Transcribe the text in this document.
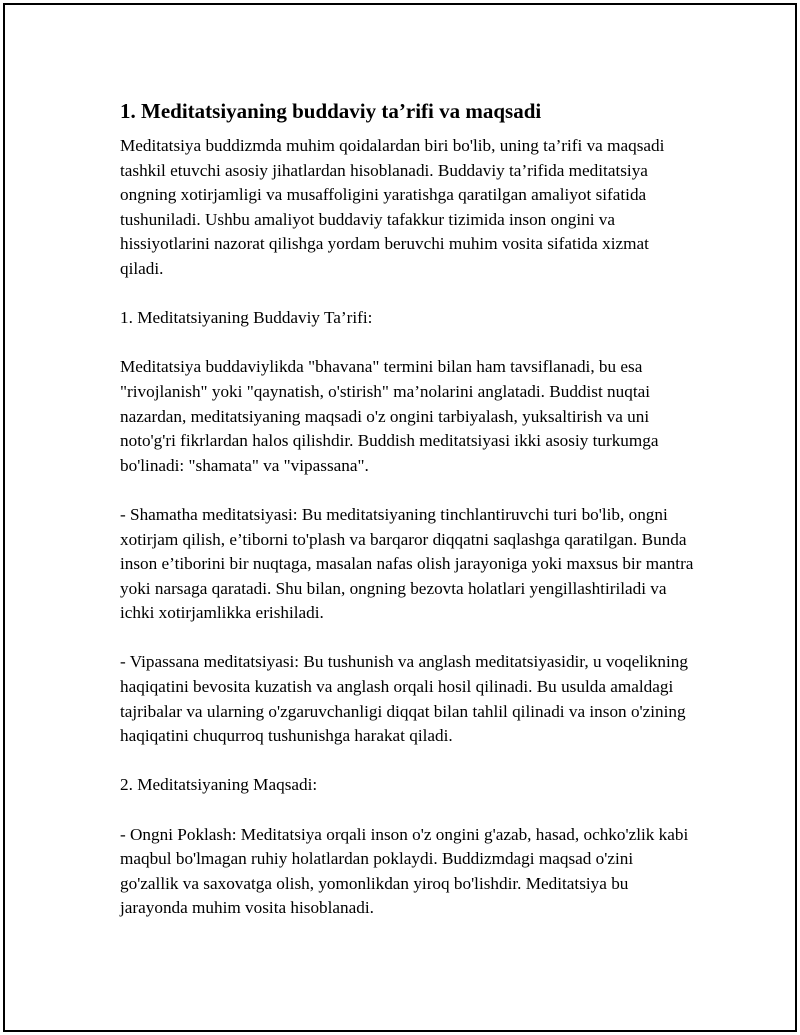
1. Meditatsiyaning buddaviy ta’rifi va maqsadi

Meditatsiya buddizmda muhim qoidalardan biri bo'lib, uning ta’rifi va maqsadi tashkil etuvchi asosiy jihatlardan hisoblanadi. Buddaviy ta’rifida meditatsiya ongning xotirjamligi va musaffoligini yaratishga qaratilgan amaliyot sifatida tushuniladi. Ushbu amaliyot buddaviy tafakkur tizimida inson ongini va hissiyotlarini nazorat qilishga yordam beruvchi muhim vosita sifatida xizmat qiladi.

1. Meditatsiyaning Buddaviy Ta’rifi:

Meditatsiya buddaviylikda "bhavana" termini bilan ham tavsiflanadi, bu esa "rivojlanish" yoki "qaynatish, o'stirish" ma’nolarini anglatadi. Buddist nuqtai nazardan, meditatsiyaning maqsadi o'z ongini tarbiyalash, yuksaltirish va uni noto'g'ri fikrlardan halos qilishdir. Buddish meditatsiyasi ikki asosiy turkumga bo'linadi: "shamata" va "vipassana".

- Shamatha meditatsiyasi: Bu meditatsiyaning tinchlantiruvchi turi bo'lib, ongni xotirjam qilish, e’tiborni to'plash va barqaror diqqatni saqlashga qaratilgan. Bunda inson e’tiborini bir nuqtaga, masalan nafas olish jarayoniga yoki maxsus bir mantra yoki narsaga qaratadi. Shu bilan, ongning bezovta holatlari yengillashtiriladi va ichki xotirjamlikka erishiladi.

- Vipassana meditatsiyasi: Bu tushunish va anglash meditatsiyasidir, u voqelikning haqiqatini bevosita kuzatish va anglash orqali hosil qilinadi. Bu usulda amaldagi tajribalar va ularning o'zgaruvchanligi diqqat bilan tahlil qilinadi va inson o'zining haqiqatini chuqurroq tushunishga harakat qiladi.

2. Meditatsiyaning Maqsadi:

- Ongni Poklash: Meditatsiya orqali inson o'z ongini g'azab, hasad, ochko'zlik kabi maqbul bo'lmagan ruhiy holatlardan poklaydi. Buddizmdagi maqsad o'zini go'zallik va saxovatga olish, yomonlikdan yiroq bo'lishdir. Meditatsiya bu jarayonda muhim vosita hisoblanadi.
